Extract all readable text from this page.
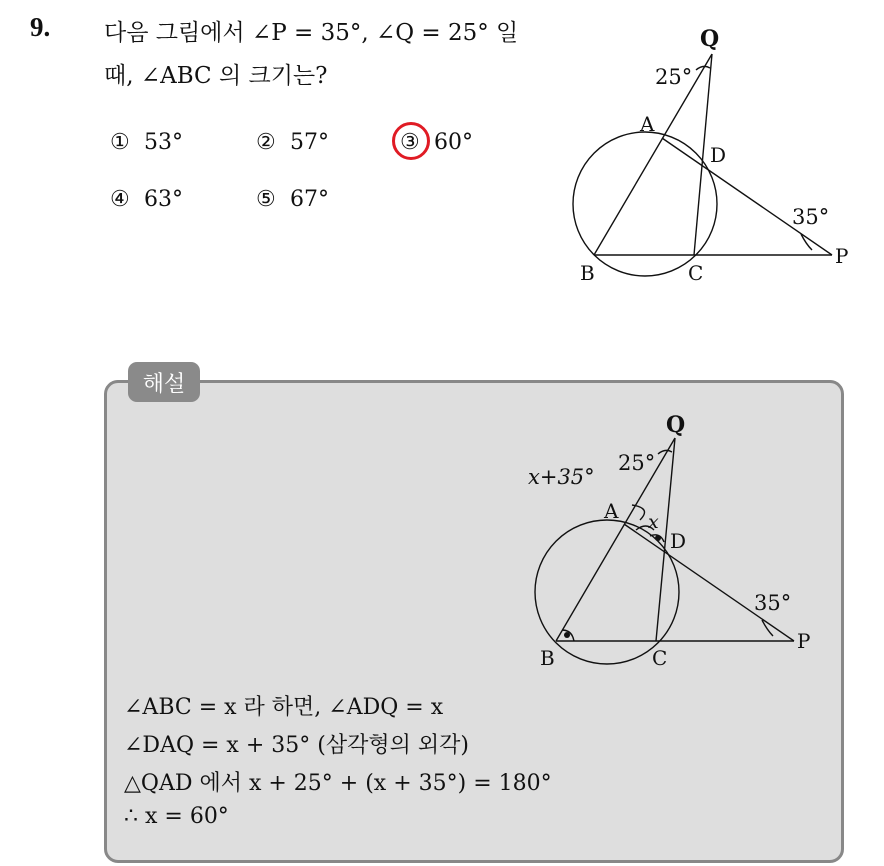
9. 다음 그림에서 ∠P = 35°, ∠Q = 25° 일
때, ∠ABC 의 크기는?
① 53°	② 57°	③ 60°
④ 63°	⑤ 67°
Q
25°
A
D
35°
B	C
P
해설
Q
x+35°
25°
A x
D
35°
B	C
P
∠ABC = x 라 하면, ∠ADQ = x
∠DAQ = x + 35° (삼각형의 외각)
△QAD 에서 x + 25° + (x + 35°) = 180°
∴ x = 60°
